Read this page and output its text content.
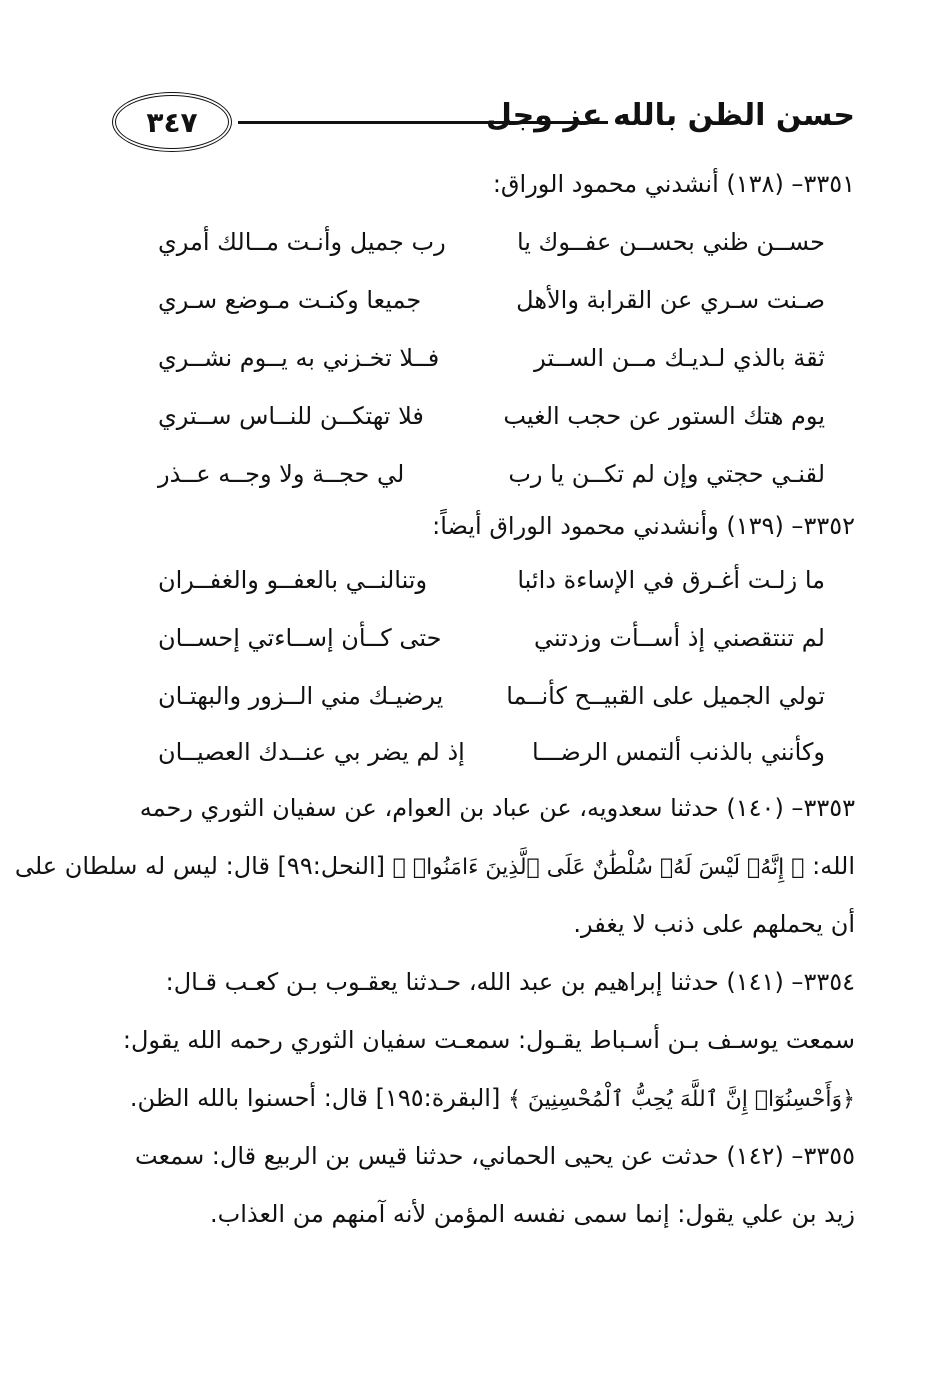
حسن الظن بالله عز وجل
٣٤٧
٣٣٥١– (١٣٨) أنشدني محمود الوراق:
حســن ظني بحســن عفــوك يا
رب جميل وأنـت مــالك أمري
صـنت سـري عن القرابة والأهل
جميعا وكنـت مـوضع سـري
ثقة بالذي لـديـك مــن الســتر
فــلا تخـزني به يــوم نشــري
يوم هتك الستور عن حجب الغيب
فلا تهتكــن للنــاس ســتري
لقنـي حجتي وإن لم تكــن يا رب
لي حجــة ولا وجــه عــذر
٣٣٥٢– (١٣٩) وأنشدني محمود الوراق أيضاً:
ما زلـت أغـرق في الإساءة دائبا
وتنالنــي بالعفــو والغفــران
لم تنتقصني إذ أســأت وزدتني
حتى كــأن إســاءتي إحســان
تولي الجميل على القبيــح كأنــما
يرضيـك مني الــزور والبهتـان
وكأنني بالذنب ألتمس الرضـــا
إذ لم يضر بي عنــدك العصيــان
٣٣٥٣– (١٤٠) حدثنا سعدويه، عن عباد بن العوام، عن سفيان الثوري رحمه
الله: ﴿ إِنَّهُۥ لَيْسَ لَهُۥ سُلْطَٰنٌ عَلَى ٱلَّذِينَ ءَامَنُوا۟ ﴾ [النحل:٩٩] قال: ليس له سلطان على
أن يحملهم على ذنب لا يغفر.
٣٣٥٤– (١٤١) حدثنا إبراهيم بن عبد الله، حـدثنا يعقـوب بـن كعـب قـال:
سمعت يوسـف بـن أسـباط يقـول: سمعـت سفيان الثوري رحمه الله يقول:
﴿وَأَحْسِنُوٓا۟ إِنَّ ٱللَّهَ يُحِبُّ ٱلْمُحْسِنِينَ ﴾ [البقرة:١٩٥] قال: أحسنوا بالله الظن.
٣٣٥٥– (١٤٢) حدثت عن يحيى الحماني، حدثنا قيس بن الربيع قال: سمعت
زيد بن علي يقول: إنما سمى نفسه المؤمن لأنه آمنهم من العذاب.
